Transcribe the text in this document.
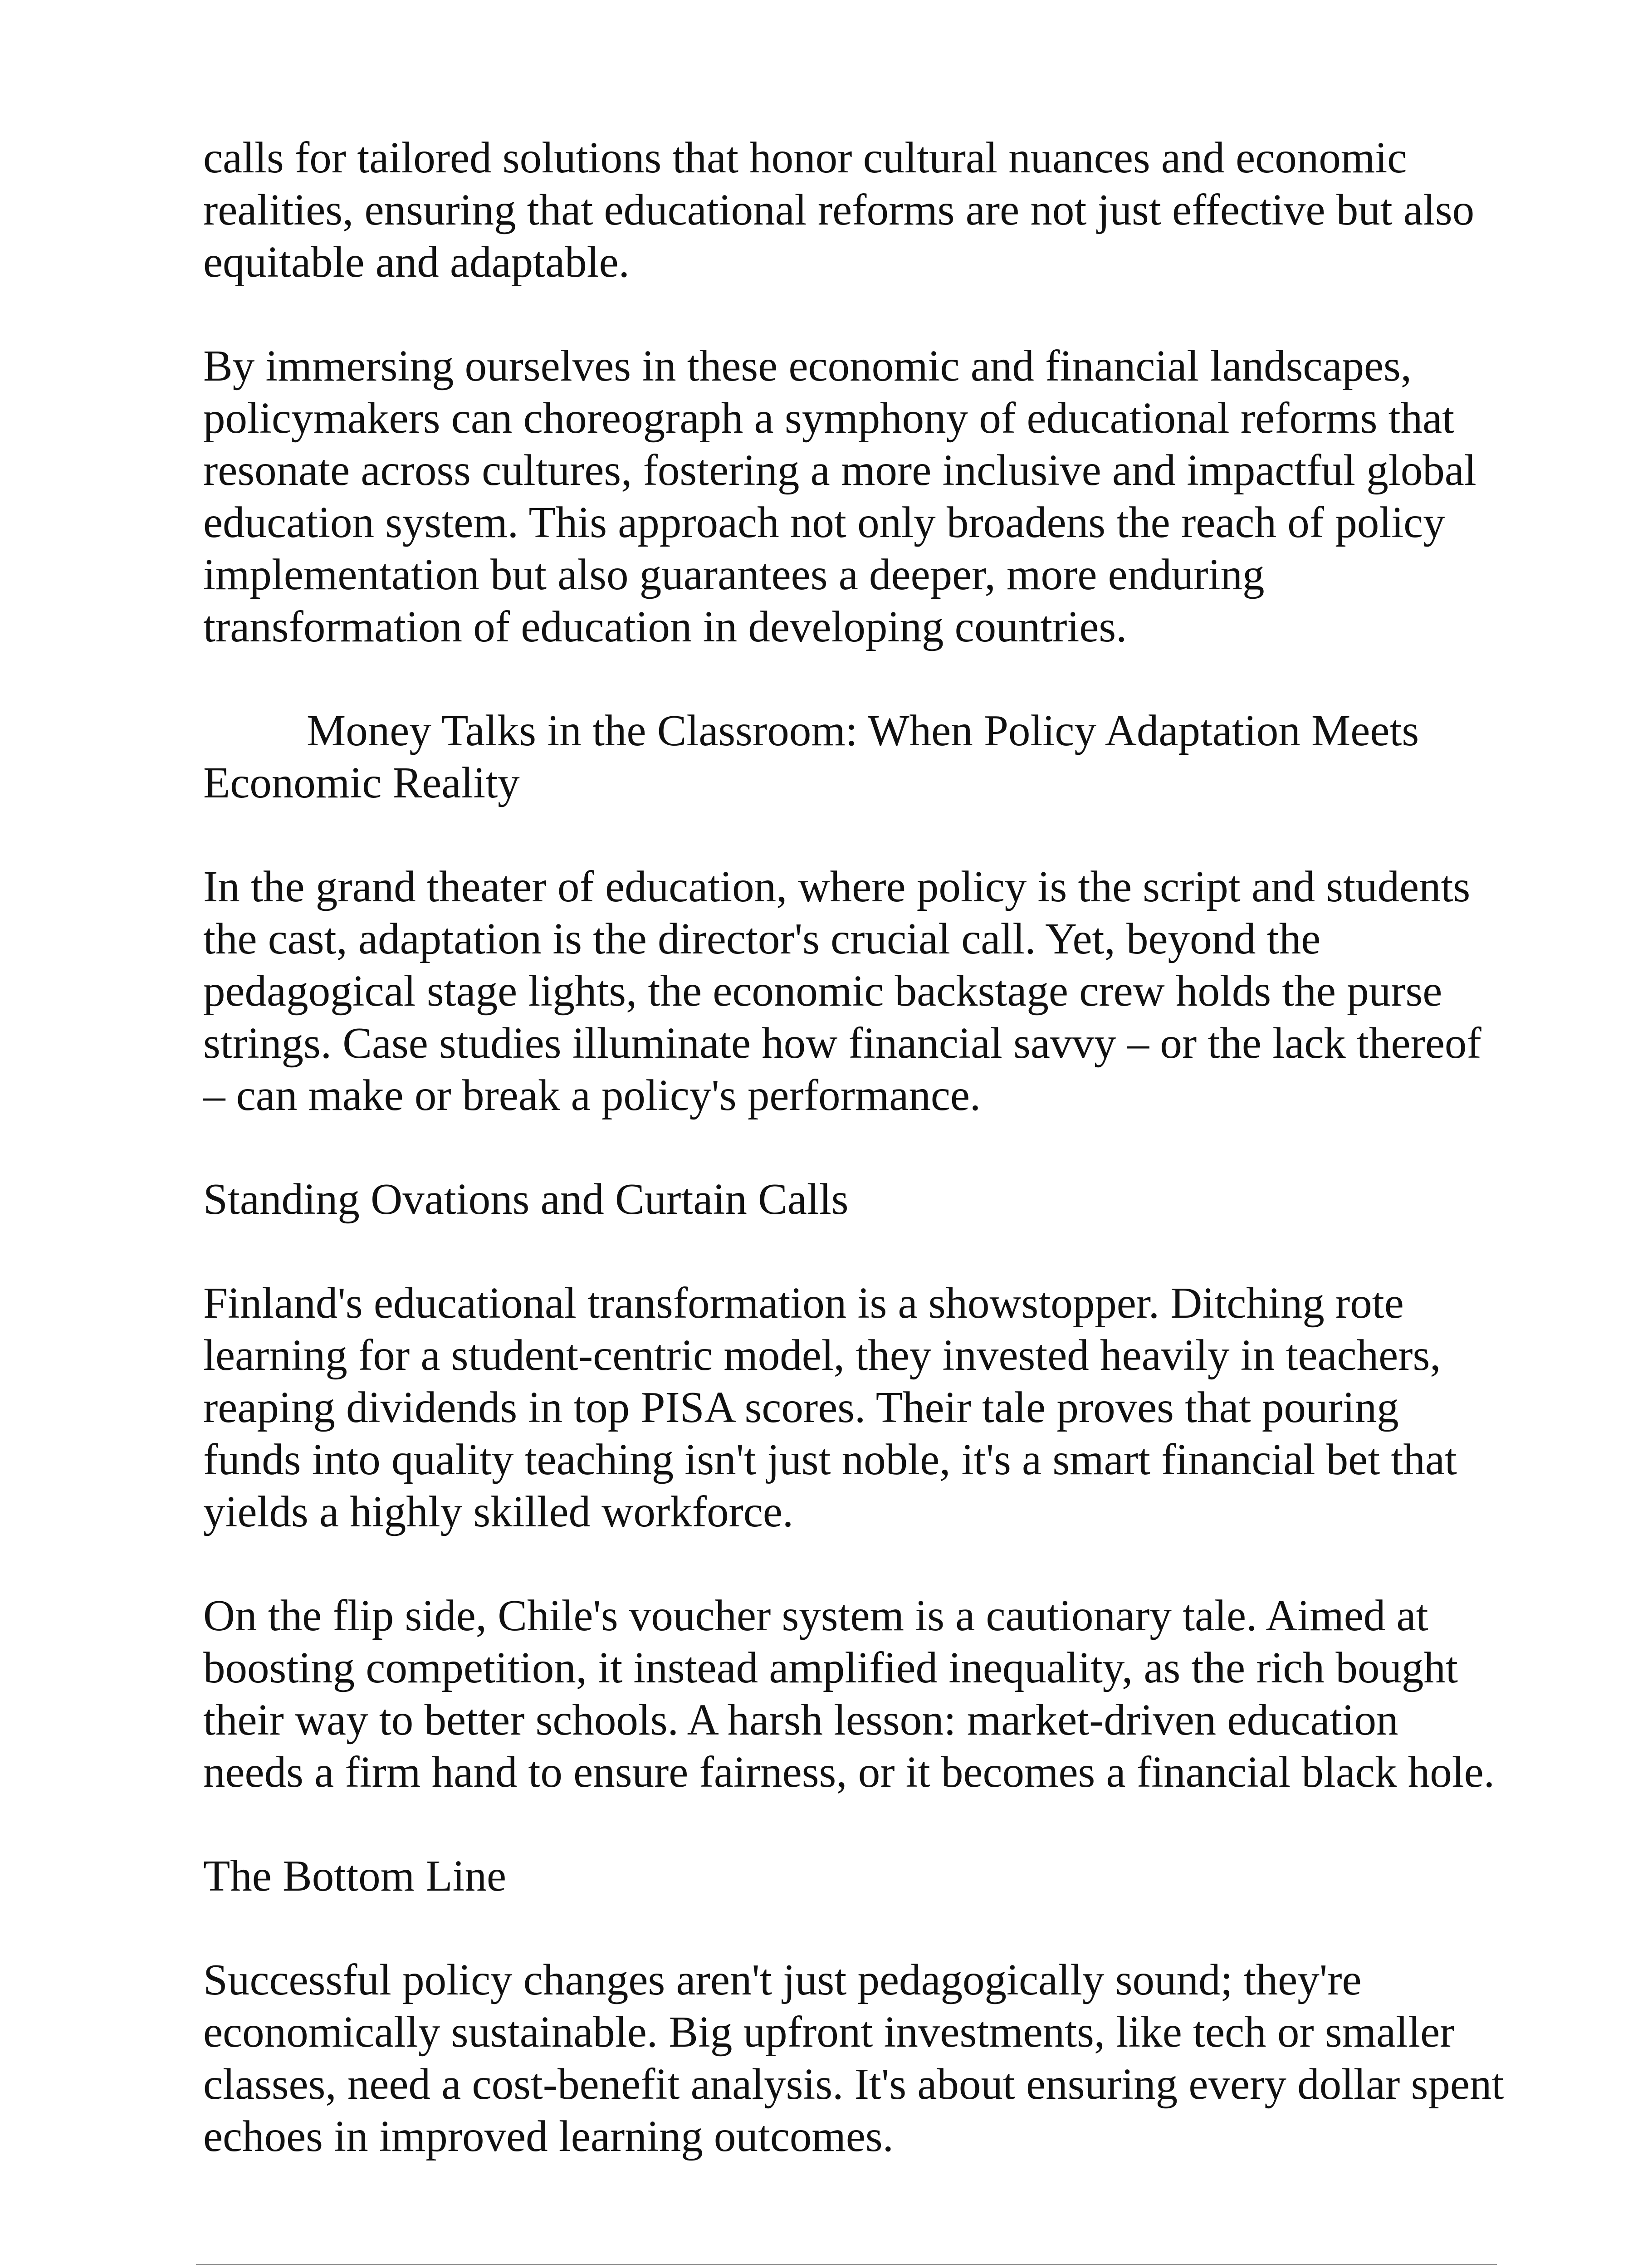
calls for tailored solutions that honor cultural nuances and economic realities, ensuring that educational reforms are not just effective but also equitable and adaptable.

By immersing ourselves in these economic and financial landscapes, policymakers can choreograph a symphony of educational reforms that resonate across cultures, fostering a more inclusive and impactful global education system. This approach not only broadens the reach of policy implementation but also guarantees a deeper, more enduring transformation of education in developing countries.

Money Talks in the Classroom: When Policy Adaptation Meets Economic Reality

In the grand theater of education, where policy is the script and students the cast, adaptation is the director's crucial call. Yet, beyond the pedagogical stage lights, the economic backstage crew holds the purse strings. Case studies illuminate how financial savvy – or the lack thereof – can make or break a policy's performance.

Standing Ovations and Curtain Calls

Finland's educational transformation is a showstopper. Ditching rote learning for a student-centric model, they invested heavily in teachers, reaping dividends in top PISA scores. Their tale proves that pouring funds into quality teaching isn't just noble, it's a smart financial bet that yields a highly skilled workforce.

On the flip side, Chile's voucher system is a cautionary tale. Aimed at boosting competition, it instead amplified inequality, as the rich bought their way to better schools. A harsh lesson: market-driven education needs a firm hand to ensure fairness, or it becomes a financial black hole.

The Bottom Line

Successful policy changes aren't just pedagogically sound; they're economically sustainable. Big upfront investments, like tech or smaller classes, need a cost-benefit analysis. It's about ensuring every dollar spent echoes in improved learning outcomes.
